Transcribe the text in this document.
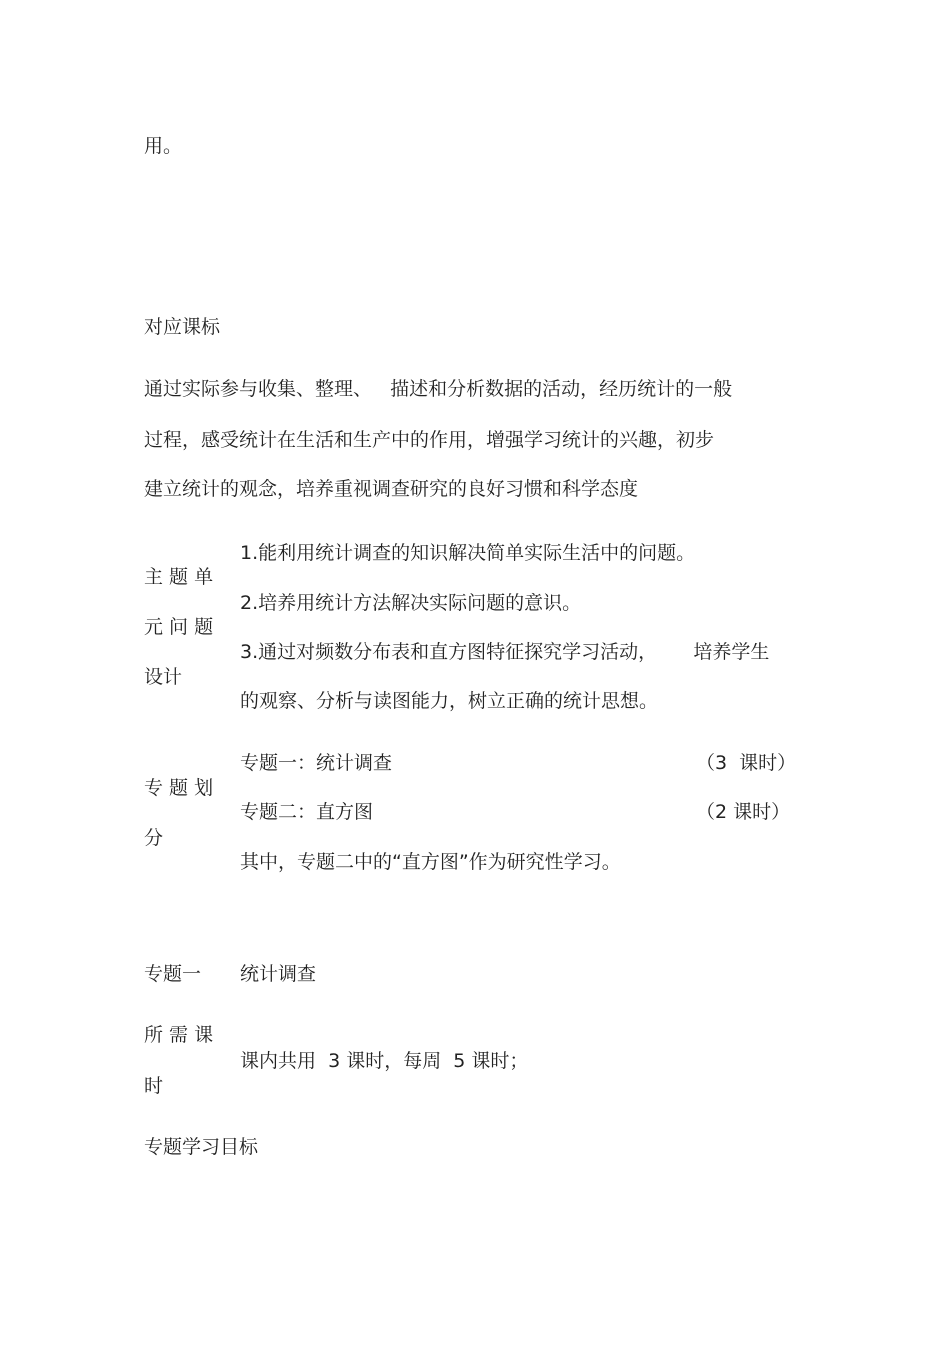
用。
对应课标
通过实际参与收集、整理、   描述和分析数据的活动，经历统计的一般
过程，感受统计在生活和生产中的作用，增强学习统计的兴趣，初步
建立统计的观念，培养重视调查研究的良好习惯和科学态度
主 题 单
元 问 题
设计
1.能利用统计调查的知识解决简单实际生活中的问题。
2.培养用统计方法解决实际问题的意识。
3.通过对频数分布表和直方图特征探究学习活动，      培养学生
的观察、分析与读图能力，树立正确的统计思想。
专 题 划
分
专题一：统计调查	（3  课时）
专题二：直方图	（2 课时）
其中，专题二中的“直方图”作为研究性学习。
专题一 统计调查
所 需 课
时
课内共用  3 课时，每周  5 课时；
专题学习目标
